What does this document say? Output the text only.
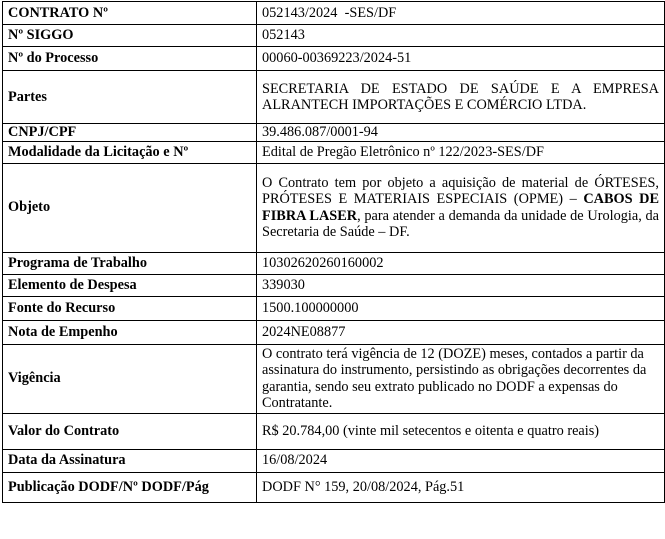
CONTRATO Nº	052143/2024  -SES/DF
Nº SIGGO	052143
Nº do Processo	00060-00369223/2024-51
Partes	SECRETARIA DE ESTADO DE SAÚDE E A EMPRESA ALRANTECH IMPORTAÇÕES E COMÉRCIO LTDA.
CNPJ/CPF	39.486.087/0001-94
Modalidade da Licitação e Nº	Edital de Pregão Eletrônico nº 122/2023-SES/DF
Objeto	O Contrato tem por objeto a aquisição de material de ÓRTESES, PRÓTESES E MATERIAIS ESPECIAIS (OPME) – CABOS DE FIBRA LASER, para atender a demanda da unidade de Urologia, da Secretaria de Saúde – DF.
Programa de Trabalho	10302620260160002
Elemento de Despesa	339030
Fonte do Recurso	1500.100000000
Nota de Empenho	2024NE08877
Vigência	O contrato terá vigência de 12 (DOZE) meses, contados a partir da assinatura do instrumento, persistindo as obrigações decorrentes da garantia, sendo seu extrato publicado no DODF a expensas do Contratante.
Valor do Contrato	R$ 20.784,00 (vinte mil setecentos e oitenta e quatro reais)
Data da Assinatura	16/08/2024
Publicação DODF/Nº DODF/Pág	DODF N° 159, 20/08/2024, Pág.51
